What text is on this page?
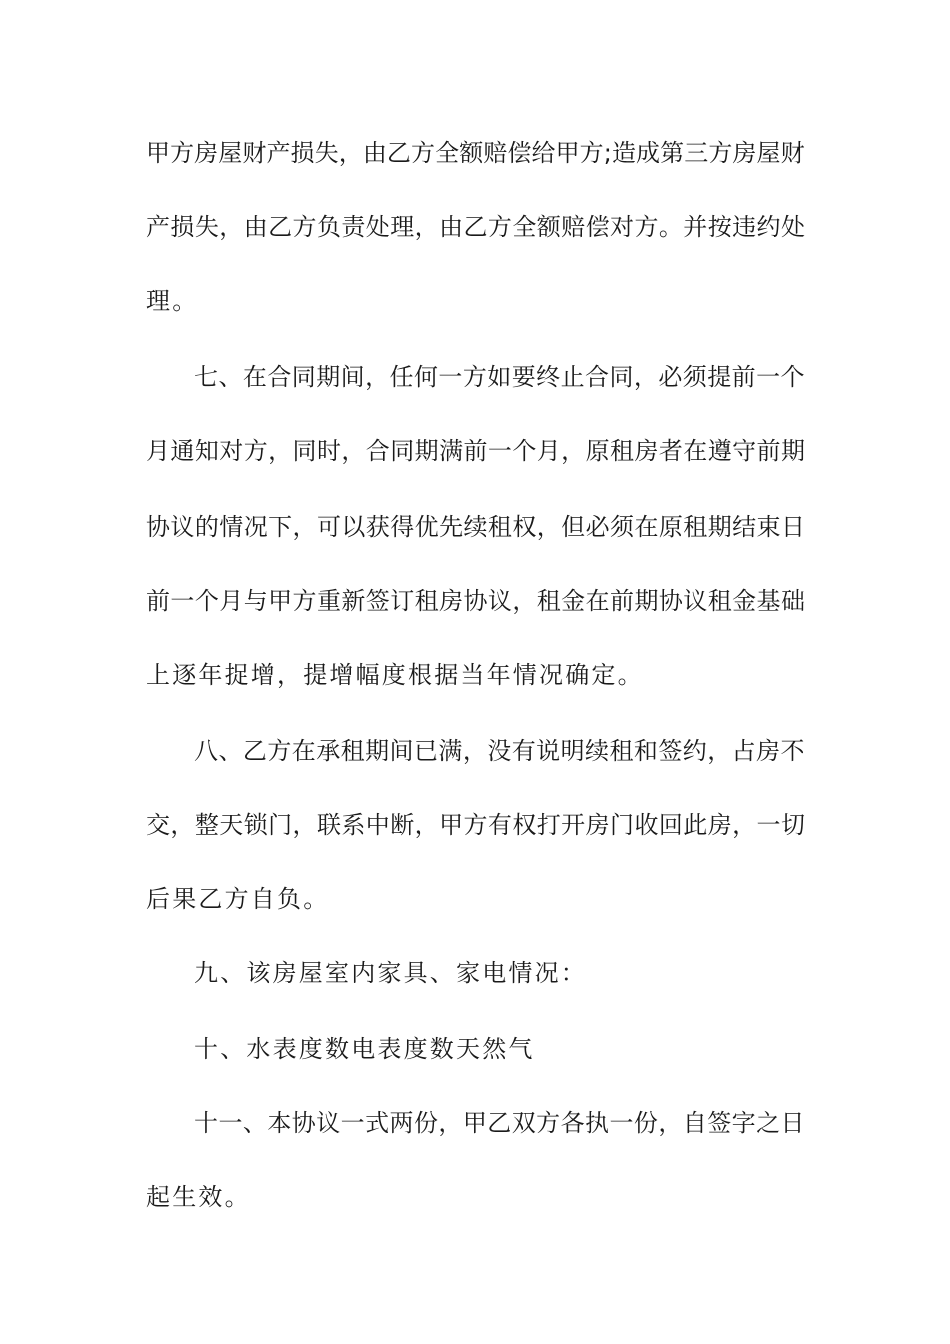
甲方房屋财产损失，由乙方全额赔偿给甲方;造成第三方房屋财
产损失，由乙方负责处理，由乙方全额赔偿对方。并按违约处
理。
七、在合同期间，任何一方如要终止合同，必须提前一个
月通知对方，同时，合同期满前一个月，原租房者在遵守前期
协议的情况下，可以获得优先续租权，但必须在原租期结束日
前一个月与甲方重新签订租房协议，租金在前期协议租金基础
上逐年捉增，提增幅度根据当年情况确定。
八、乙方在承租期间已满，没有说明续租和签约，占房不
交，整天锁门，联系中断，甲方有权打开房门收回此房，一切
后果乙方自负。
九、该房屋室内家具、家电情况：
十、水表度数电表度数天然气
十一、本协议一式两份，甲乙双方各执一份，自签字之日
起生效。
